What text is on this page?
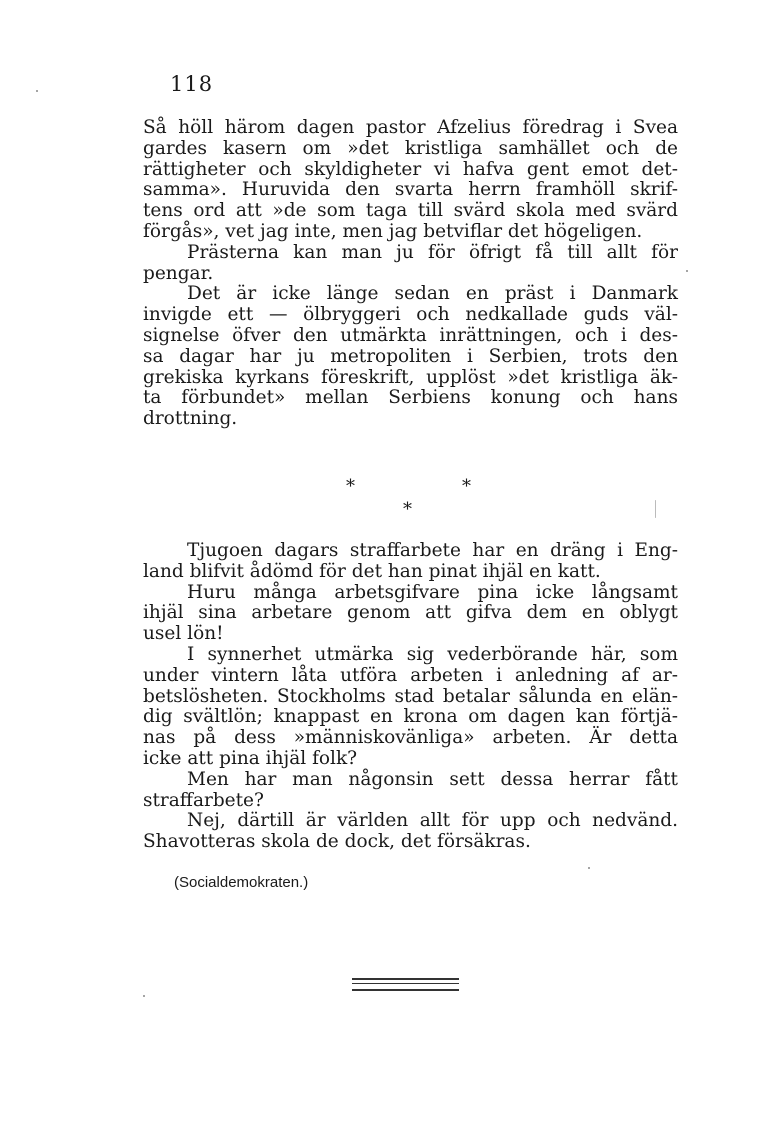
118
Så höll härom dagen pastor Afzelius föredrag i Svea
gardes kasern om »det kristliga samhället och de
rättigheter och skyldigheter vi hafva gent emot det-
samma». Huruvida den svarta herrn framhöll skrif-
tens ord att »de som taga till svärd skola med svärd
förgås», vet jag inte, men jag betviflar det högeligen.
Prästerna kan man ju för öfrigt få till allt för
pengar.
Det är icke länge sedan en präst i Danmark
invigde ett — ölbryggeri och nedkallade guds väl-
signelse öfver den utmärkta inrättningen, och i des-
sa dagar har ju metropoliten i Serbien, trots den
grekiska kyrkans föreskrift, upplöst »det kristliga äk-
ta förbundet» mellan Serbiens konung och hans
drottning.
*	*
*
Tjugoen dagars straffarbete har en dräng i Eng-
land blifvit ådömd för det han pinat ihjäl en katt.
Huru många arbetsgifvare pina icke långsamt
ihjäl sina arbetare genom att gifva dem en oblygt
usel lön!
I synnerhet utmärka sig vederbörande här, som
under vintern låta utföra arbeten i anledning af ar-
betslösheten. Stockholms stad betalar sålunda en elän-
dig svältlön; knappast en krona om dagen kan förtjä-
nas på dess »människovänliga» arbeten. Är detta
icke att pina ihjäl folk?
Men har man någonsin sett dessa herrar fått
straffarbete?
Nej, därtill är världen allt för upp och nedvänd.
Shavotteras skola de dock, det försäkras.
(Socialdemokraten.)
